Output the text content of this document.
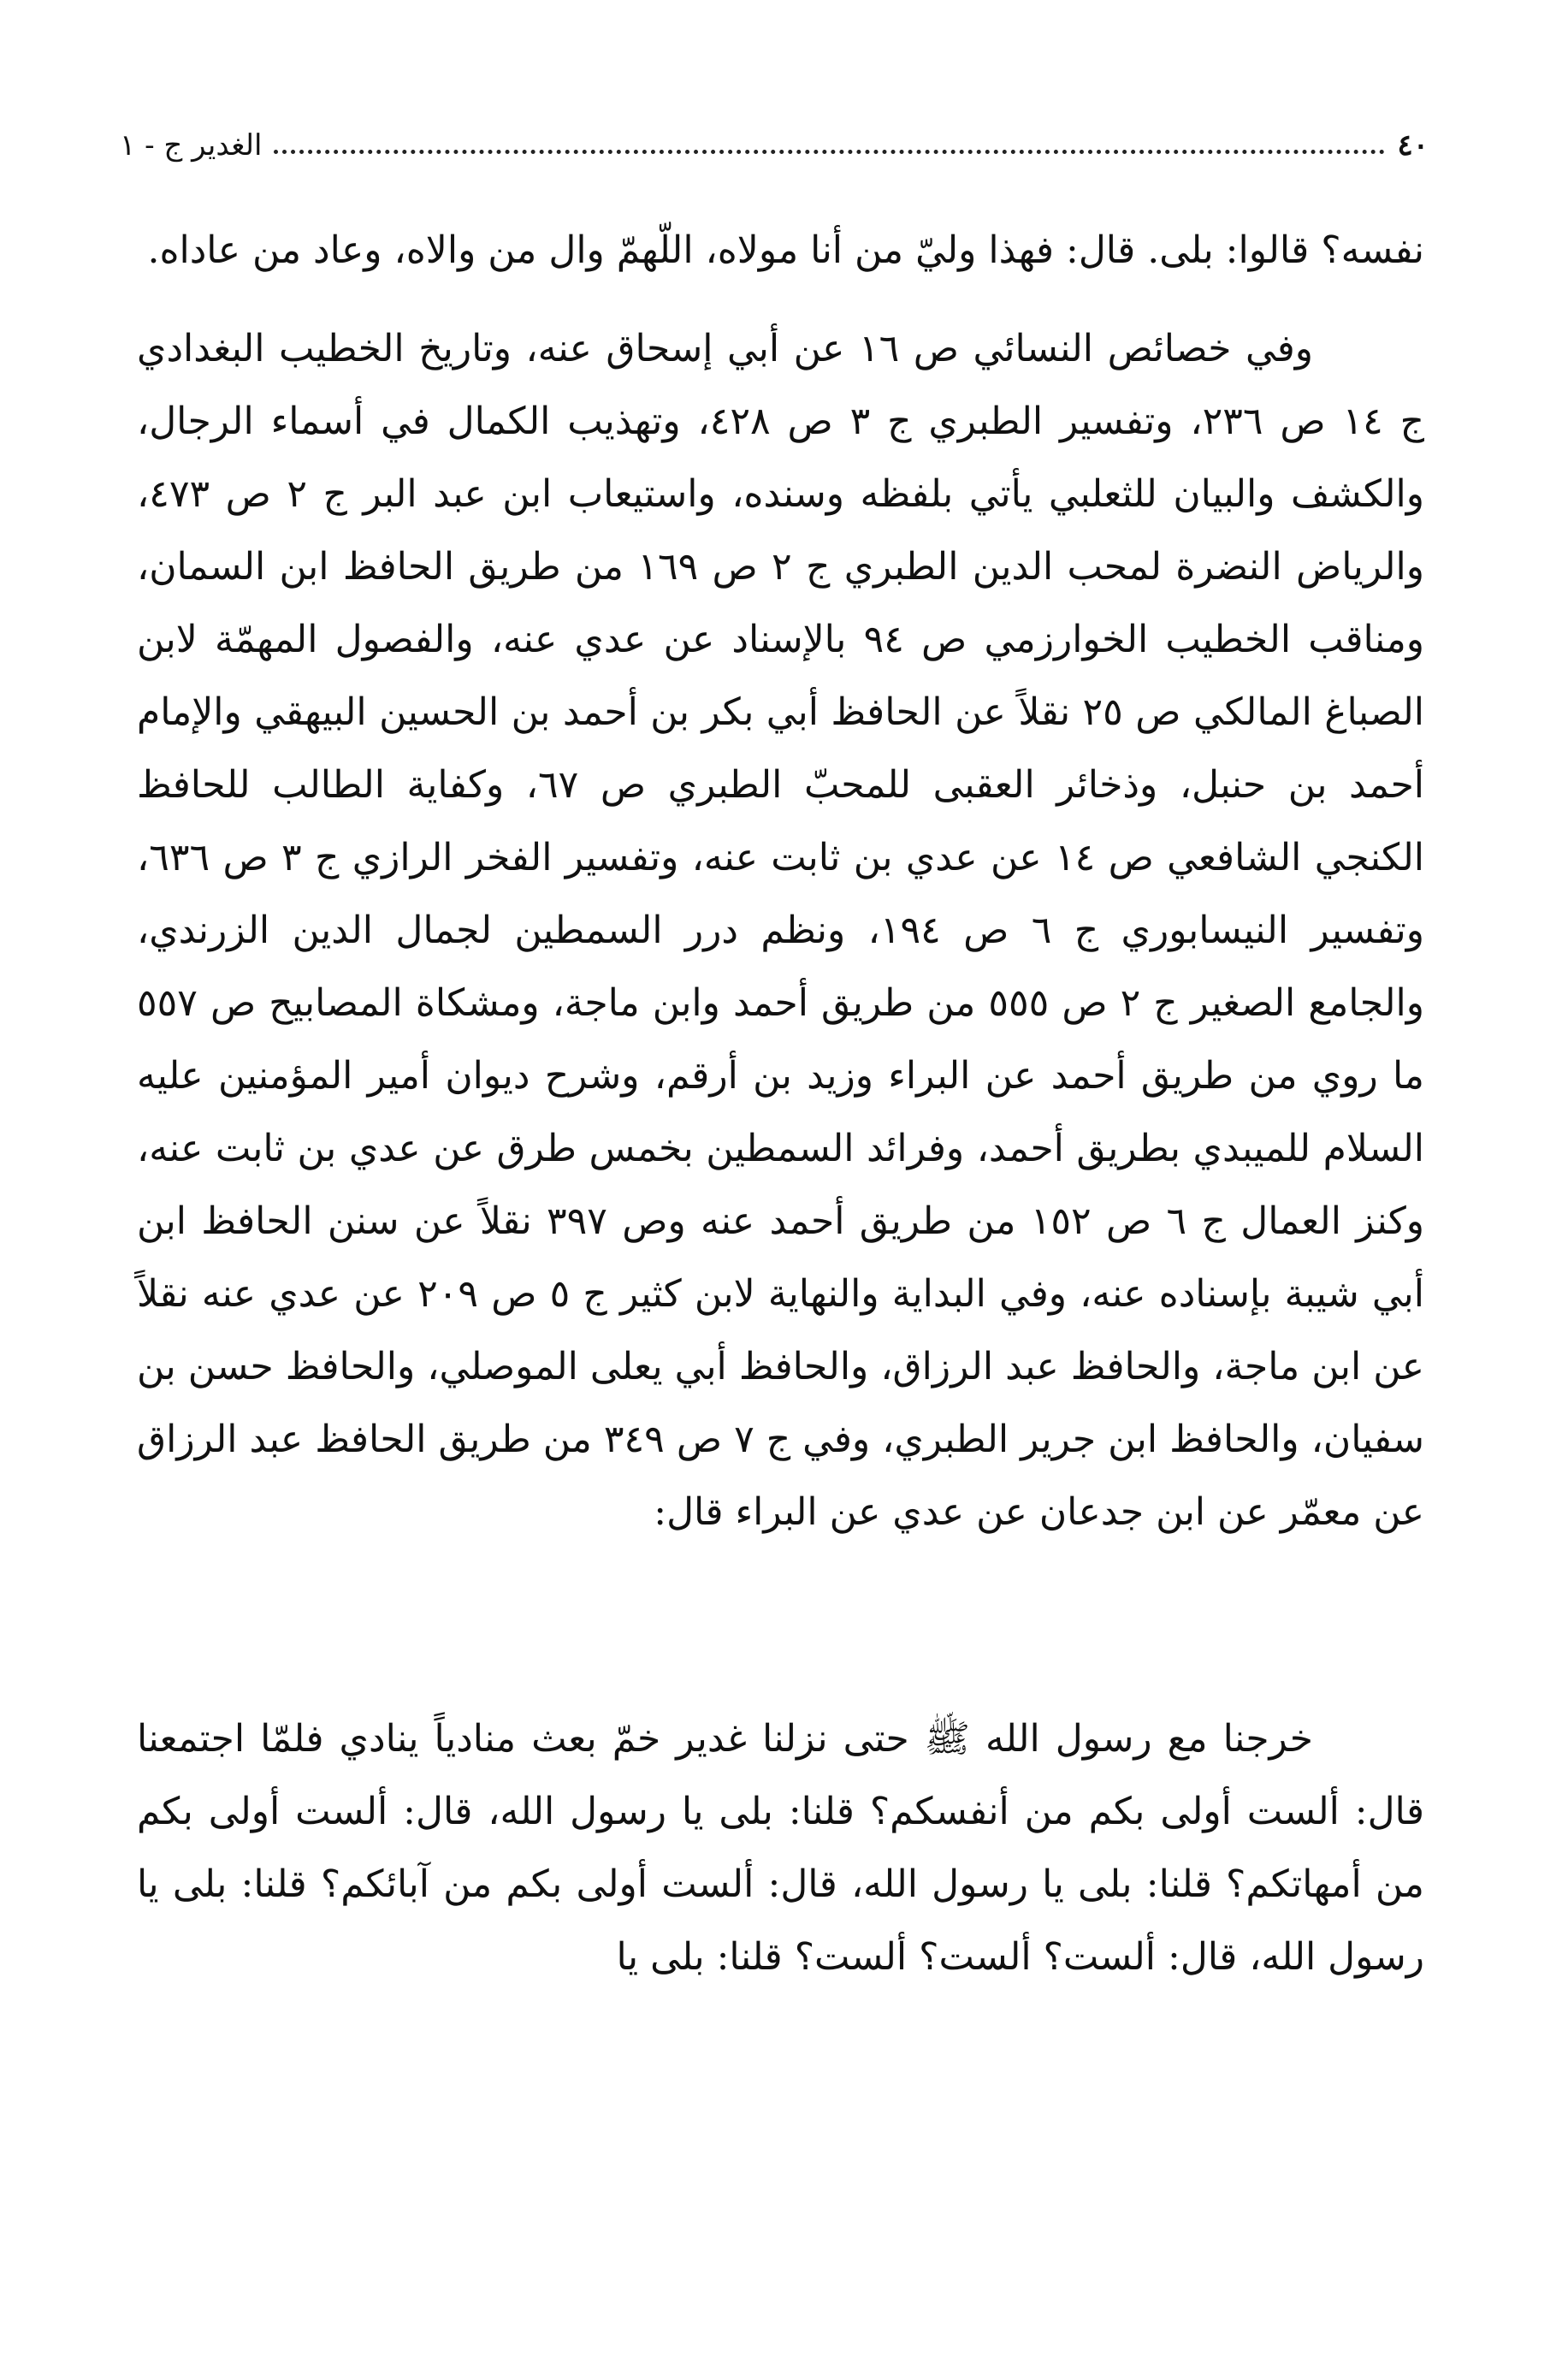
٤٠
الغدير ج - ١

نفسه؟ قالوا: بلى. قال: فهذا وليّ من أنا مولاه، اللّهمّ وال من والاه، وعاد من عاداه.

وفي خصائص النسائي ص ١٦ عن أبي إسحاق عنه، وتاريخ الخطيب البغدادي ج ١٤ ص ٢٣٦، وتفسير الطبري ج ٣ ص ٤٢٨، وتهذيب الكمال في أسماء الرجال، والكشف والبيان للثعلبي يأتي بلفظه وسنده، واستيعاب ابن عبد البر ج ٢ ص ٤٧٣، والرياض النضرة لمحب الدين الطبري ج ٢ ص ١٦٩ من طريق الحافظ ابن السمان، ومناقب الخطيب الخوارزمي ص ٩٤ بالإسناد عن عدي عنه، والفصول المهمّة لابن الصباغ المالكي ص ٢٥ نقلاً عن الحافظ أبي بكر بن أحمد بن الحسين البيهقي والإمام أحمد بن حنبل، وذخائر العقبى للمحبّ الطبري ص ٦٧، وكفاية الطالب للحافظ الكنجي الشافعي ص ١٤ عن عدي بن ثابت عنه، وتفسير الفخر الرازي ج ٣ ص ٦٣٦، وتفسير النيسابوري ج ٦ ص ١٩٤، ونظم درر السمطين لجمال الدين الزرندي، والجامع الصغير ج ٢ ص ٥٥٥ من طريق أحمد وابن ماجة، ومشكاة المصابيح ص ٥٥٧ ما روي من طريق أحمد عن البراء وزيد بن أرقم، وشرح ديوان أمير المؤمنين عليه السلام للميبدي بطريق أحمد، وفرائد السمطين بخمس طرق عن عدي بن ثابت عنه، وكنز العمال ج ٦ ص ١٥٢ من طريق أحمد عنه وص ٣٩٧ نقلاً عن سنن الحافظ ابن أبي شيبة بإسناده عنه، وفي البداية والنهاية لابن كثير ج ٥ ص ٢٠٩ عن عدي عنه نقلاً عن ابن ماجة، والحافظ عبد الرزاق، والحافظ أبي يعلى الموصلي، والحافظ حسن بن سفيان، والحافظ ابن جرير الطبري، وفي ج ٧ ص ٣٤٩ من طريق الحافظ عبد الرزاق عن معمّر عن ابن جدعان عن عدي عن البراء قال:

خرجنا مع رسول الله ﷺ حتى نزلنا غدير خمّ بعث منادياً ينادي فلمّا اجتمعنا قال: ألست أولى بكم من أنفسكم؟ قلنا: بلى يا رسول الله، قال: ألست أولى بكم من أمهاتكم؟ قلنا: بلى يا رسول الله، قال: ألست أولى بكم من آبائكم؟ قلنا: بلى يا رسول الله، قال: ألست؟ ألست؟ ألست؟ قلنا: بلى يا
